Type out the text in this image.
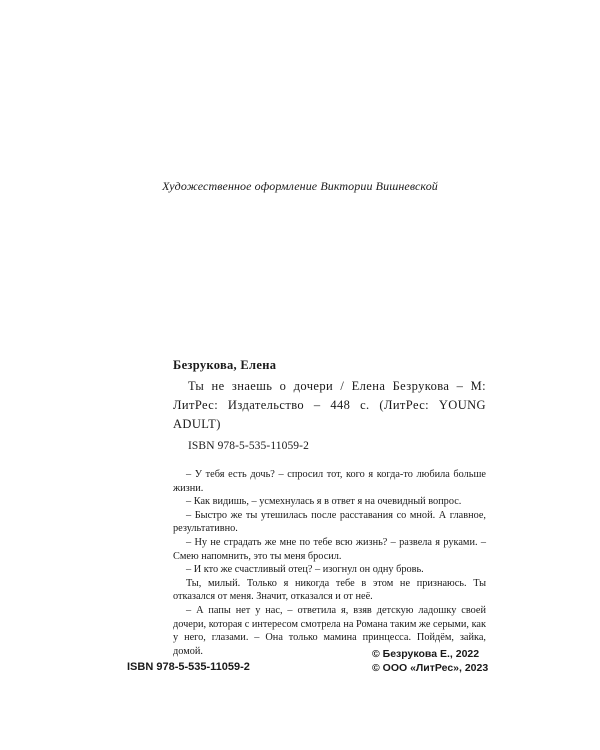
Художественное оформление Виктории Вишневской
Безрукова, Елена
Ты не знаешь о дочери / Елена Безрукова – М: ЛитРес: Издательство – 448 с. (ЛитРес: YOUNG ADULT)
ISBN 978-5-535-11059-2

– У тебя есть дочь? – спросил тот, кого я когда-то любила больше жизни.

– Как видишь, – усмехнулась я в ответ я на очевидный вопрос.

– Быстро же ты утешилась после расставания со мной. А главное, результативно.

– Ну не страдать же мне по тебе всю жизнь? – развела я руками. – Смею напомнить, это ты меня бросил.

– И кто же счастливый отец? – изогнул он одну бровь.

Ты, милый. Только я никогда тебе в этом не признаюсь. Ты отказался от меня. Значит, отказался и от неё.

– А папы нет у нас, – ответила я, взяв детскую ладошку своей дочери, которая с интересом смотрела на Романа таким же серыми, как у него, глазами. – Она только мамина принцесса. Пойдём, зайка, домой.

ISBN 978-5-535-11059-2
© Безрукова Е., 2022
© ООО «ЛитРес», 2023
